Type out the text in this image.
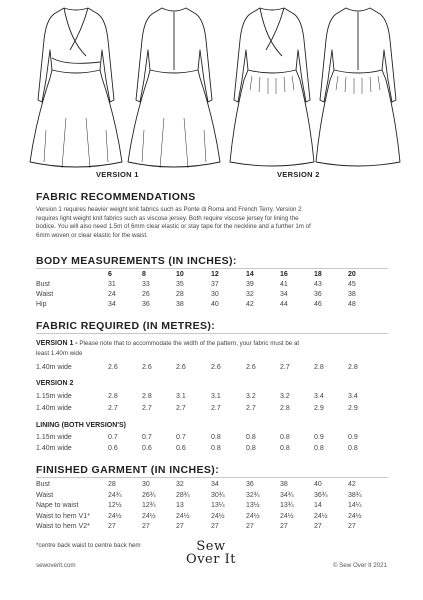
VERSION 1	VERSION 2
FABRIC RECOMMENDATIONS
Version 1 requires heavier weight knit fabrics such as Ponte di Roma and French Terry. Version 2
requires light weight knit fabrics such as viscose jersey. Both require viscose jersey for lining the
bodice. You will also need 1.5m of 6mm clear elastic or stay tape for the neckline and a further 1m of
6mm woven or clear elastic for the waist.
BODY MEASUREMENTS (IN INCHES):
6	8	10	12	14	16	18	20
Bust	31	33	35	37	39	41	43	45
Waist	24	26	28	30	32	34	36	38
Hip	34	36	38	40	42	44	46	48
FABRIC REQUIRED (IN METRES):
VERSION 1 - Please note that to accommodate the width of the pattern, your fabric must be at
least 1.40m wide
1.40m wide	2.6	2.6	2.6	2.6	2.6	2.7	2.8	2.8
VERSION 2
1.15m wide	2.8	2.8	3.1	3.1	3.2	3.2	3.4	3.4
1.40m wide	2.7	2.7	2.7	2.7	2.7	2.8	2.9	2.9
LINING (BOTH VERSION'S)
1.15m wide	0.7	0.7	0.7	0.8	0.8	0.8	0.9	0.9
1.40m wide	0.6	0.6	0.6	0.8	0.8	0.8	0.8	0.8
FINISHED GARMENT (IN INCHES):
Bust	28	30	32	34	36	38	40	42
Waist	24¾	26¾	28¾	30¾	32¾	34¾	36¾	38¾
Nape to waist	12½	12¾	13	13¼	13½	13¾	14	14¼
Waist to hem V1*	24½	24½	24½	24½	24½	24½	24½	24½
Waist to hem V2*	27	27	27	27	27	27	27	27
*centre back waist to centre back hem
sewoverit.com
Sew
Over It	© Sew Over It 2021
